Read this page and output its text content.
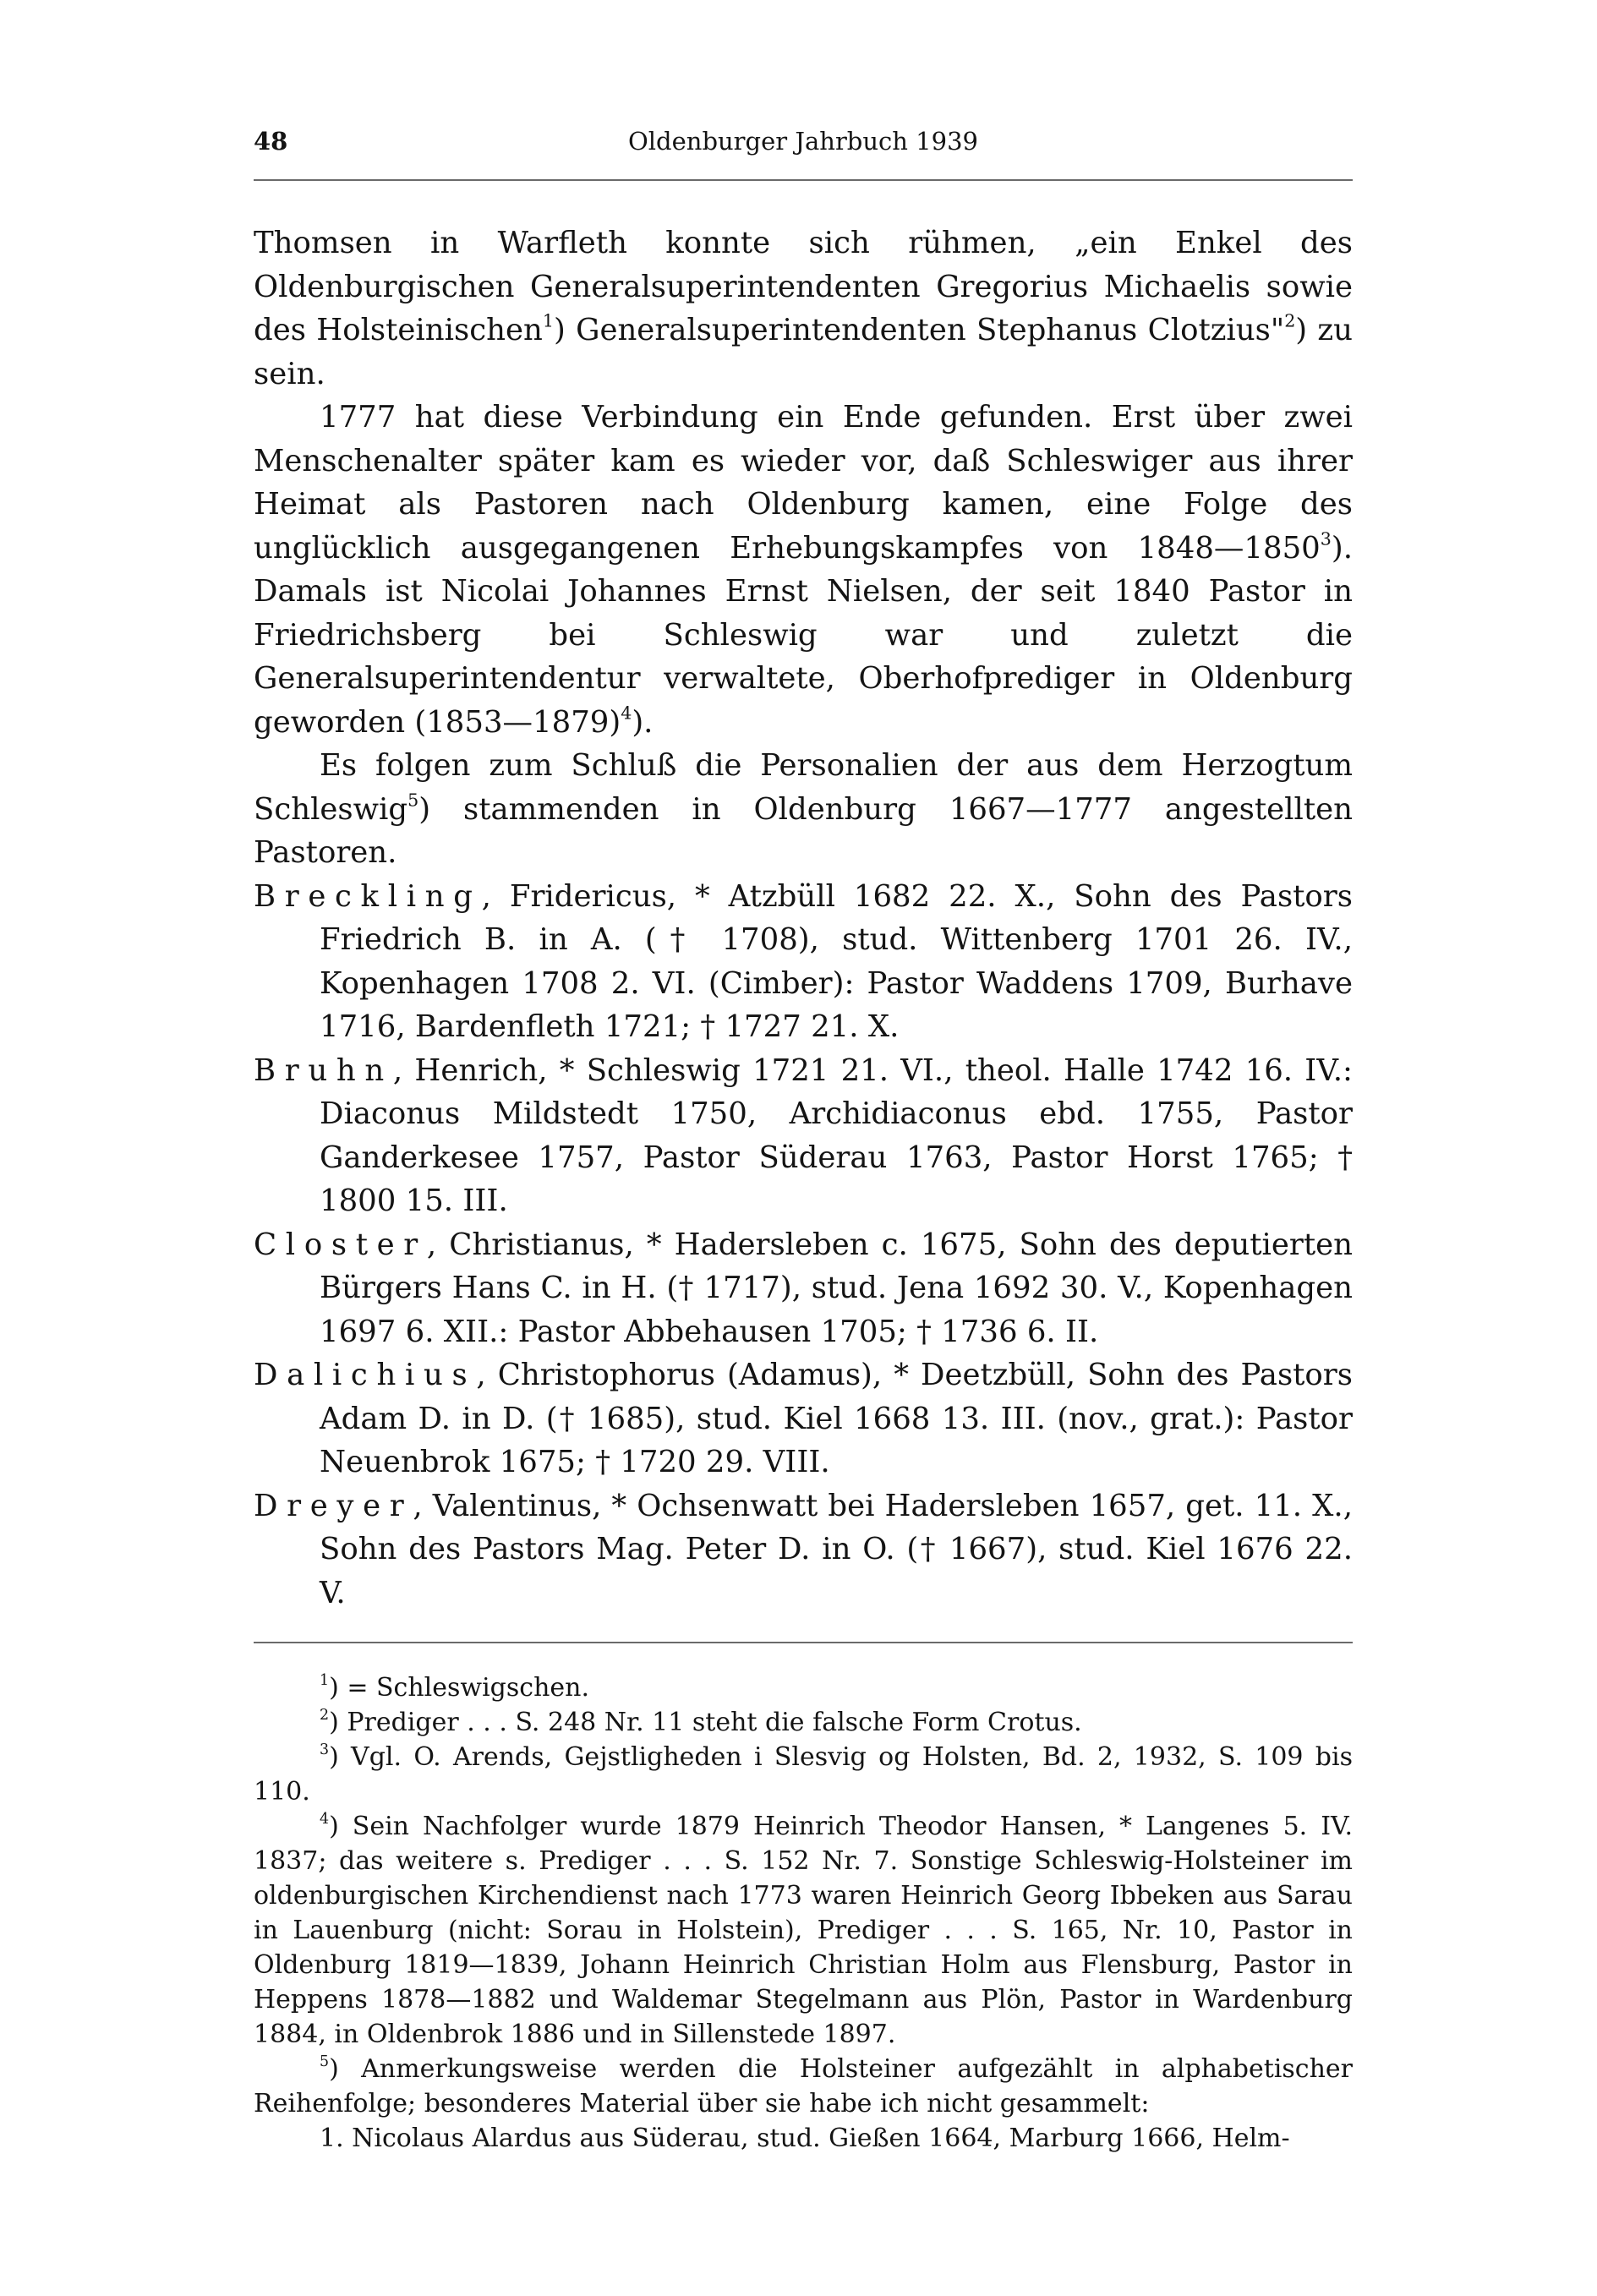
48	Oldenburger Jahrbuch 1939

Thomsen in Warfleth konnte sich rühmen, „ein Enkel des Oldenburgischen Generalsuperintendenten Gregorius Michaelis sowie des Holsteinischen$^1$) Generalsuperintendenten Stephanus Clotzius"$^2$) zu sein.

1777 hat diese Verbindung ein Ende gefunden. Erst über zwei Menschenalter später kam es wieder vor, daß Schleswiger aus ihrer Heimat als Pastoren nach Oldenburg kamen, eine Folge des unglücklich ausgegangenen Erhebungskampfes von 1848—1850$^3$). Damals ist Nicolai Johannes Ernst Nielsen, der seit 1840 Pastor in Friedrichsberg bei Schleswig war und zuletzt die Generalsuperintendentur verwaltete, Oberhofprediger in Oldenburg geworden (1853—1879)$^4$).

Es folgen zum Schluß die Personalien der aus dem Herzogtum Schleswig$^5$) stammenden in Oldenburg 1667—1777 angestellten Pastoren.

Breckling, Fridericus, * Atzbüll 1682 22. X., Sohn des Pastors Friedrich B. in A. († 1708), stud. Wittenberg 1701 26. IV., Kopenhagen 1708 2. VI. (Cimber): Pastor Waddens 1709, Burhave 1716, Bardenfleth 1721; † 1727 21. X.

Bruhn, Henrich, * Schleswig 1721 21. VI., theol. Halle 1742 16. IV.: Diaconus Mildstedt 1750, Archidiaconus ebd. 1755, Pastor Ganderkesee 1757, Pastor Süderau 1763, Pastor Horst 1765; † 1800 15. III.

Closter, Christianus, * Hadersleben c. 1675, Sohn des deputierten Bürgers Hans C. in H. († 1717), stud. Jena 1692 30. V., Kopenhagen 1697 6. XII.: Pastor Abbehausen 1705; † 1736 6. II.

Dalichius, Christophorus (Adamus), * Deetzbüll, Sohn des Pastors Adam D. in D. († 1685), stud. Kiel 1668 13. III. (nov., grat.): Pastor Neuenbrok 1675; † 1720 29. VIII.

Dreyer, Valentinus, * Ochsenwatt bei Hadersleben 1657, get. 11. X., Sohn des Pastors Mag. Peter D. in O. († 1667), stud. Kiel 1676 22. V.

$^1$) = Schleswigschen.

$^2$) Prediger . . . S. 248 Nr. 11 steht die falsche Form Crotus.

$^3$) Vgl. O. Arends, Gejstligheden i Slesvig og Holsten, Bd. 2, 1932, S. 109 bis 110.

$^4$) Sein Nachfolger wurde 1879 Heinrich Theodor Hansen, * Langenes 5. IV. 1837; das weitere s. Prediger . . . S. 152 Nr. 7. Sonstige Schleswig-Holsteiner im oldenburgischen Kirchendienst nach 1773 waren Heinrich Georg Ibbeken aus Sarau in Lauenburg (nicht: Sorau in Holstein), Prediger . . . S. 165, Nr. 10, Pastor in Oldenburg 1819—1839, Johann Heinrich Christian Holm aus Flensburg, Pastor in Heppens 1878—1882 und Waldemar Stegelmann aus Plön, Pastor in Wardenburg 1884, in Oldenbrok 1886 und in Sillenstede 1897.

$^5$) Anmerkungsweise werden die Holsteiner aufgezählt in alphabetischer Reihenfolge; besonderes Material über sie habe ich nicht gesammelt:

1. Nicolaus Alardus aus Süderau, stud. Gießen 1664, Marburg 1666, Helm-
